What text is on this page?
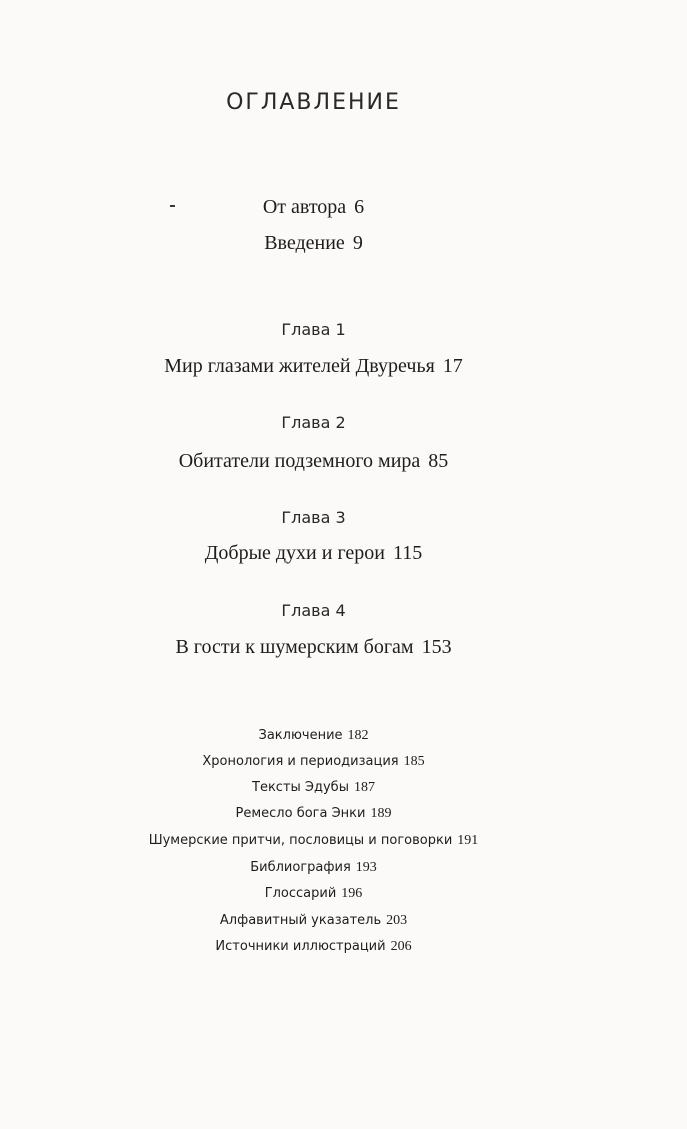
ОГЛАВЛЕНИЕ
От автора 6
Введение 9
Глава 1
Мир глазами жителей Двуречья 17
Глава 2
Обитатели подземного мира 85
Глава 3
Добрые духи и герои 115
Глава 4
В гости к шумерским богам 153
Заключение 182
Хронология и периодизация 185
Тексты Эдубы 187
Ремесло бога Энки 189
Шумерские притчи, пословицы и поговорки 191
Библиография 193
Глоссарий 196
Алфавитный указатель 203
Источники иллюстраций 206
